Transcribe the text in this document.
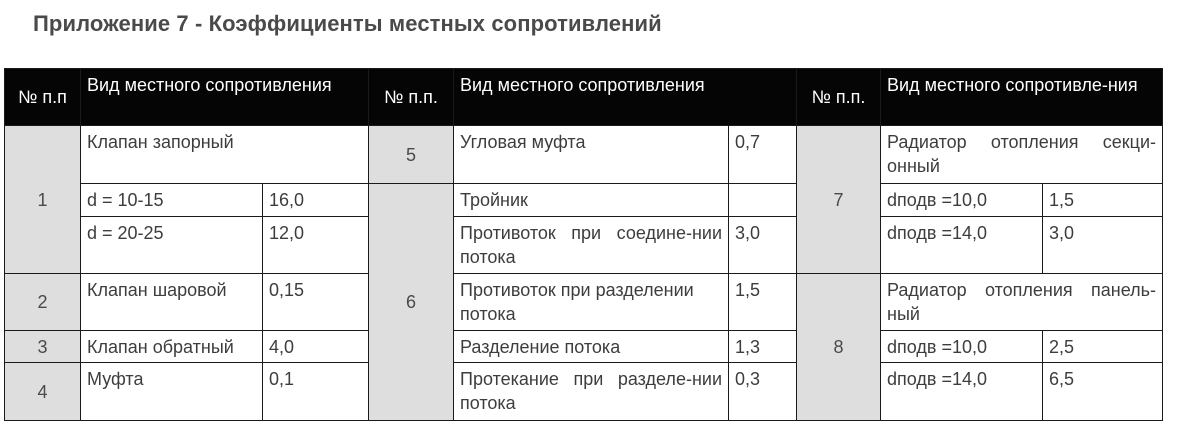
Приложение 7 - Коэффициенты местных сопротивлений
№ п.п	Вид местного сопротивления		№ п.п.	Вид местного сопротивления		№ п.п.	Вид местного сопротивле-ния	
1	Клапан запорный		5	Угловая муфта	0,7	7	Радиатор отопления секци-онный	
	d = 10-15	16,0	6	Тройник			dподв =10,0	1,5
	d = 20-25	12,0		Противоток при соедине-нии потока	3,0		dподв =14,0	3,0
2	Клапан шаровой	0,15		Противоток при разделении потока	1,5	8	Радиатор отопления панель-ный	
3	Клапан обратный	4,0		Разделение потока	1,3		dподв =10,0	2,5
4	Муфта	0,1		Протекание при разделе-нии потока	0,3		dподв =14,0	6,5
